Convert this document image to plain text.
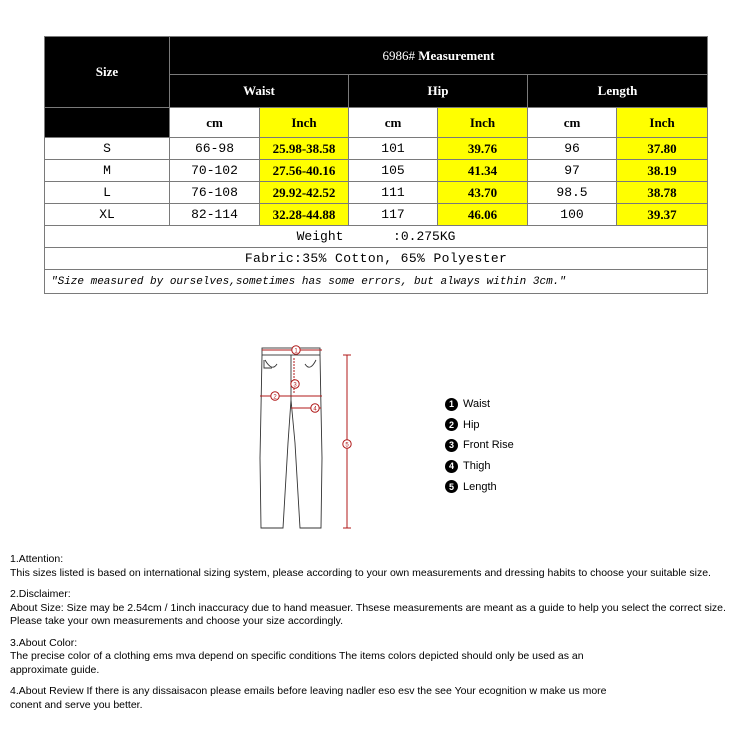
Size	6986# Measurement					
	Waist		Hip		Length	
	cm	Inch	cm	Inch	cm	Inch
S	66-98	25.98-38.58	101	39.76	96	37.80
M	70-102	27.56-40.16	105	41.34	97	38.19
L	76-108	29.92-42.52	111	43.70	98.5	38.78
XL	82-114	32.28-44.88	117	46.06	100	39.37
Weight :0.275KG						
Fabric:35% Cotton, 65% Polyester						
"Size measured by ourselves,sometimes has some errors, but always within 3cm."						
1
2
3
4
5
1 Waist
2 Hip
3 Front Rise
4 Thigh
5 Length

1.Attention:
This sizes listed is based on international sizing system, please according to your own measurements and dressing habits to choose your suitable size.

2.Disclaimer:
About Size: Size may be 2.54cm / 1inch inaccuracy due to hand measuer. Thsese measurements are meant as a guide to help you select the correct size. Please take your own measurements and choose your size accordingly.

3.About Color:
The precise color of a clothing ems mva depend on specific conditions The items colors depicted should only be used as an approximate guide.

4.About Review If there is any dissaisacon please emails before leaving nadler eso esv the see Your ecognition w make us more conent and serve you better.
